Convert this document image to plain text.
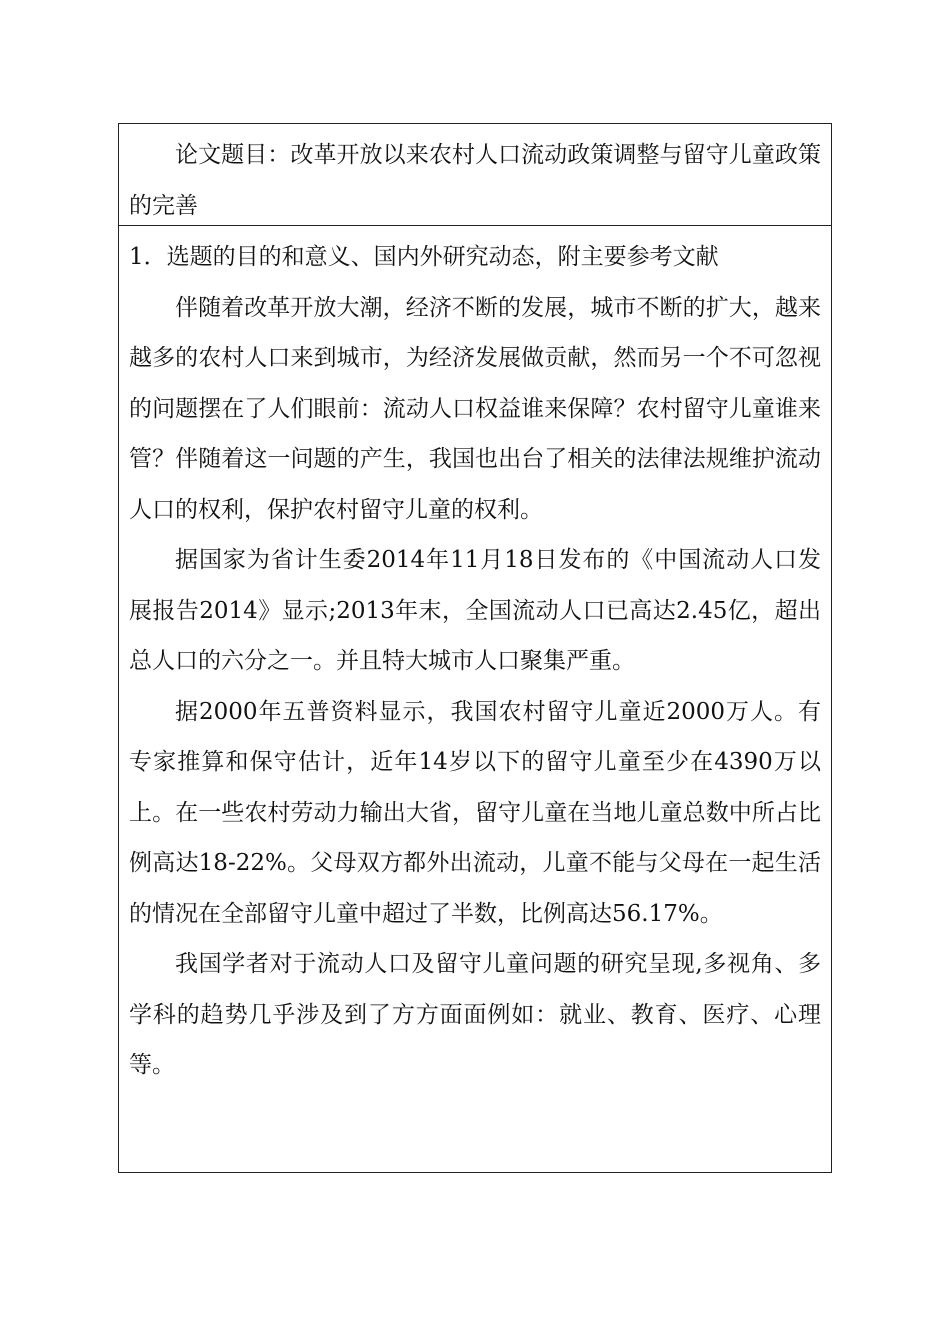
论文题目：改革开放以来农村人口流动政策调整与留守儿童政策的完善

1．选题的目的和意义、国内外研究动态，附主要参考文献

伴随着改革开放大潮，经济不断的发展，城市不断的扩大，越来越多的农村人口来到城市，为经济发展做贡献，然而另一个不可忽视的问题摆在了人们眼前：流动人口权益谁来保障？农村留守儿童谁来管？伴随着这一问题的产生，我国也出台了相关的法律法规维护流动人口的权利，保护农村留守儿童的权利。

据国家为省计生委2014年11月18日发布的《中国流动人口发展报告2014》显示;2013年末，全国流动人口已高达2.45亿，超出总人口的六分之一。并且特大城市人口聚集严重。

据2000年五普资料显示，我国农村留守儿童近2000万人。有专家推算和保守估计，近年14岁以下的留守儿童至少在4390万以上。在一些农村劳动力输出大省，留守儿童在当地儿童总数中所占比例高达18-22%。父母双方都外出流动，儿童不能与父母在一起生活的情况在全部留守儿童中超过了半数，比例高达56.17%。

我国学者对于流动人口及留守儿童问题的研究呈现,多视角、多学科的趋势几乎涉及到了方方面面例如：就业、教育、医疗、心理等。
